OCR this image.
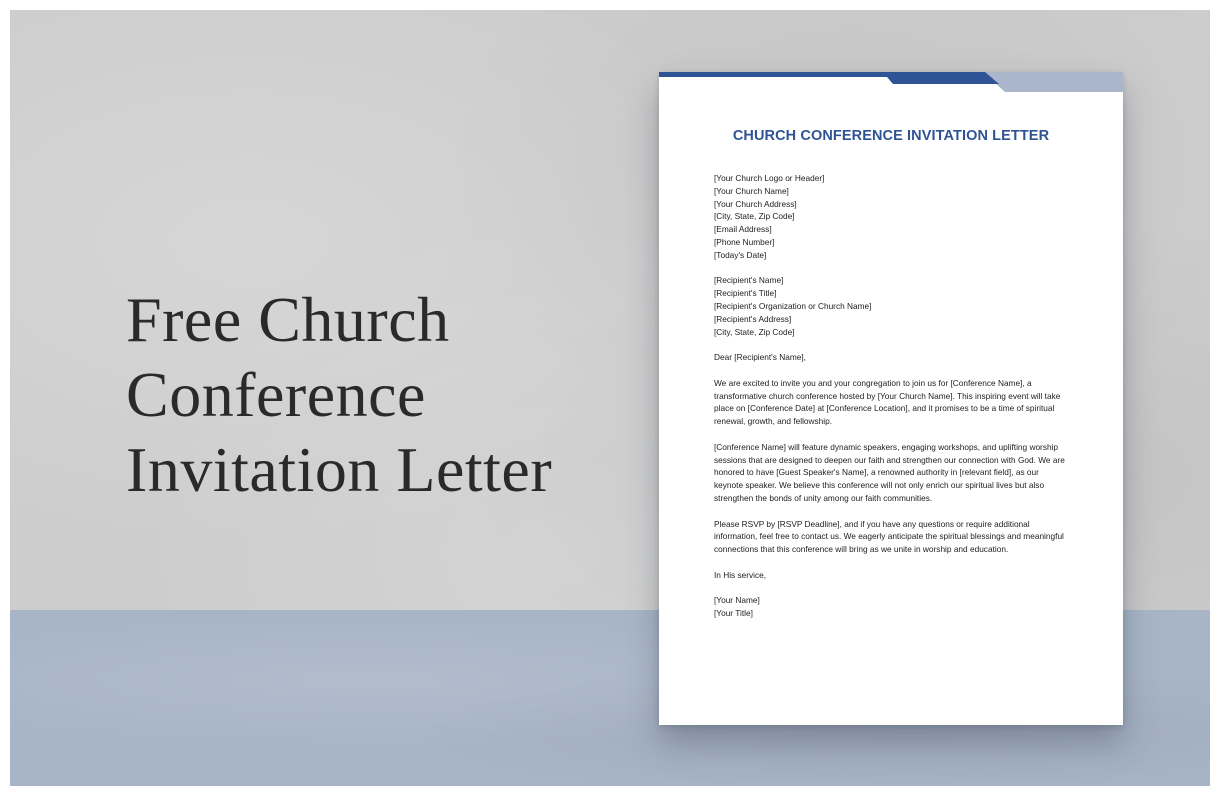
Free Church
Conference
Invitation Letter
CHURCH CONFERENCE INVITATION LETTER
[Your Church Logo or Header]
[Your Church Name]
[Your Church Address]
[City, State, Zip Code]
[Email Address]
[Phone Number]
[Today's Date]
[Recipient's Name]
[Recipient's Title]
[Recipient's Organization or Church Name]
[Recipient's Address]
[City, State, Zip Code]
Dear [Recipient's Name],
We are excited to invite you and your congregation to join us for [Conference Name], a
transformative church conference hosted by [Your Church Name]. This inspiring event will take
place on [Conference Date] at [Conference Location], and it promises to be a time of spiritual
renewal, growth, and fellowship.
[Conference Name] will feature dynamic speakers, engaging workshops, and uplifting worship
sessions that are designed to deepen our faith and strengthen our connection with God. We are
honored to have [Guest Speaker's Name], a renowned authority in [relevant field], as our
keynote speaker. We believe this conference will not only enrich our spiritual lives but also
strengthen the bonds of unity among our faith communities.
Please RSVP by [RSVP Deadline], and if you have any questions or require additional
information, feel free to contact us. We eagerly anticipate the spiritual blessings and meaningful
connections that this conference will bring as we unite in worship and education.
In His service,
[Your Name]
[Your Title]
